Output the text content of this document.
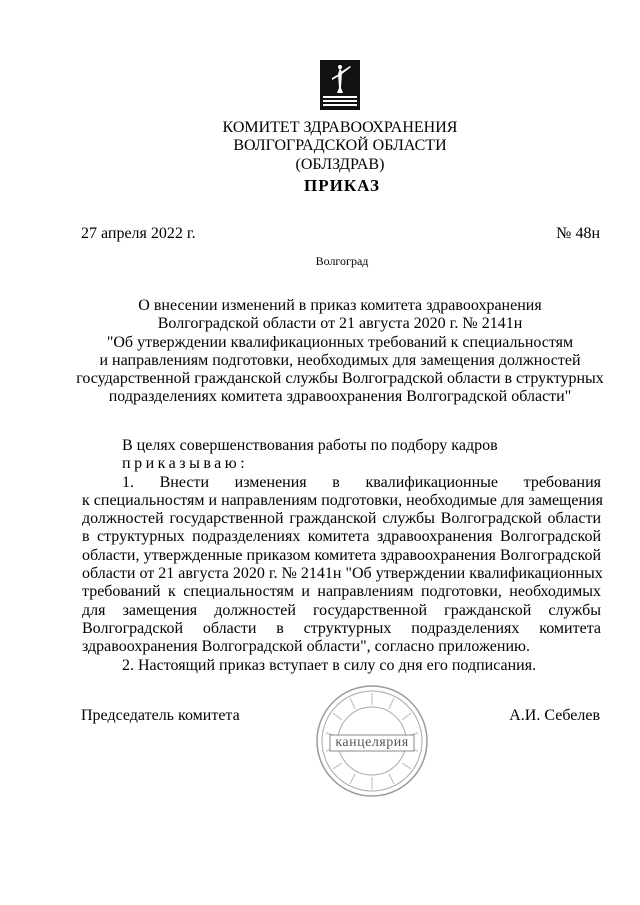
КОМИТЕТ ЗДРАВООХРАНЕНИЯ
ВОЛГОГРАДСКОЙ ОБЛАСТИ
(ОБЛЗДРАВ)
ПРИКАЗ
27 апреля 2022 г.	№ 48н
Волгоград
О внесении изменений в приказ комитета здравоохранения
Волгоградской области от 21 августа 2020 г. № 2141н
"Об утверждении квалификационных требований к специальностям
и направлениям подготовки, необходимых для замещения должностей
государственной гражданской службы Волгоградской области в структурных
подразделениях комитета здравоохранения Волгоградской области"
В целях совершенствования работы по подбору кадров
приказываю:
1. Внести изменения в квалификационные требования
к специальностям и направлениям подготовки, необходимые для замещения
должностей государственной гражданской службы Волгоградской области
в структурных подразделениях комитета здравоохранения Волгоградской
области, утвержденные приказом комитета здравоохранения Волгоградской
области от 21 августа 2020 г. № 2141н "Об утверждении квалификационных
требований к специальностям и направлениям подготовки, необходимых
для замещения должностей государственной гражданской службы
Волгоградской области в структурных подразделениях комитета
здравоохранения Волгоградской области", согласно приложению.
2. Настоящий приказ вступает в силу со дня его подписания.
Председатель комитета	А.И. Себелев
канцелярия
